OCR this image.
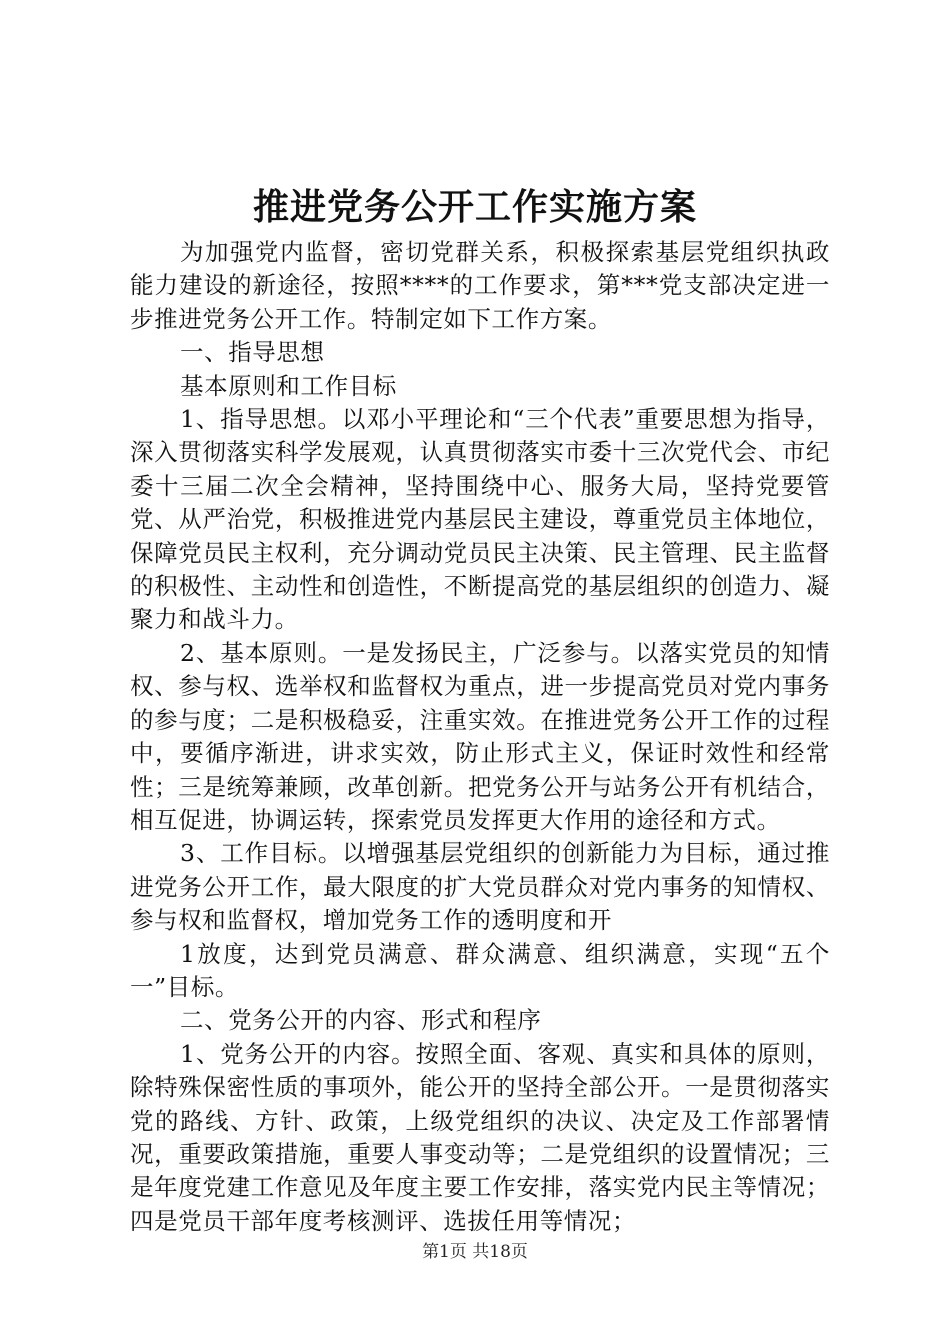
推进党务公开工作实施方案

为加强党内监督，密切党群关系，积极探索基层党组织执政能力建设的新途径，按照****的工作要求，第***党支部决定进一步推进党务公开工作。特制定如下工作方案。

一、指导思想

基本原则和工作目标

1、指导思想。以邓小平理论和“三个代表”重要思想为指导，深入贯彻落实科学发展观，认真贯彻落实市委十三次党代会、市纪委十三届二次全会精神，坚持围绕中心、服务大局，坚持党要管党、从严治党，积极推进党内基层民主建设，尊重党员主体地位，保障党员民主权利，充分调动党员民主决策、民主管理、民主监督的积极性、主动性和创造性，不断提高党的基层组织的创造力、凝聚力和战斗力。

2、基本原则。一是发扬民主，广泛参与。以落实党员的知情权、参与权、选举权和监督权为重点，进一步提高党员对党内事务的参与度；二是积极稳妥，注重实效。在推进党务公开工作的过程中，要循序渐进，讲求实效，防止形式主义，保证时效性和经常性；三是统筹兼顾，改革创新。把党务公开与站务公开有机结合，相互促进，协调运转，探索党员发挥更大作用的途径和方式。

3、工作目标。以增强基层党组织的创新能力为目标，通过推进党务公开工作，最大限度的扩大党员群众对党内事务的知情权、参与权和监督权，增加党务工作的透明度和开

1放度，达到党员满意、群众满意、组织满意，实现“五个一”目标。

二、党务公开的内容、形式和程序

1、党务公开的内容。按照全面、客观、真实和具体的原则，除特殊保密性质的事项外，能公开的坚持全部公开。一是贯彻落实党的路线、方针、政策，上级党组织的决议、决定及工作部署情况，重要政策措施，重要人事变动等；二是党组织的设置情况；三是年度党建工作意见及年度主要工作安排，落实党内民主等情况；四是党员干部年度考核测评、选拔任用等情况；

第1页 共18页
